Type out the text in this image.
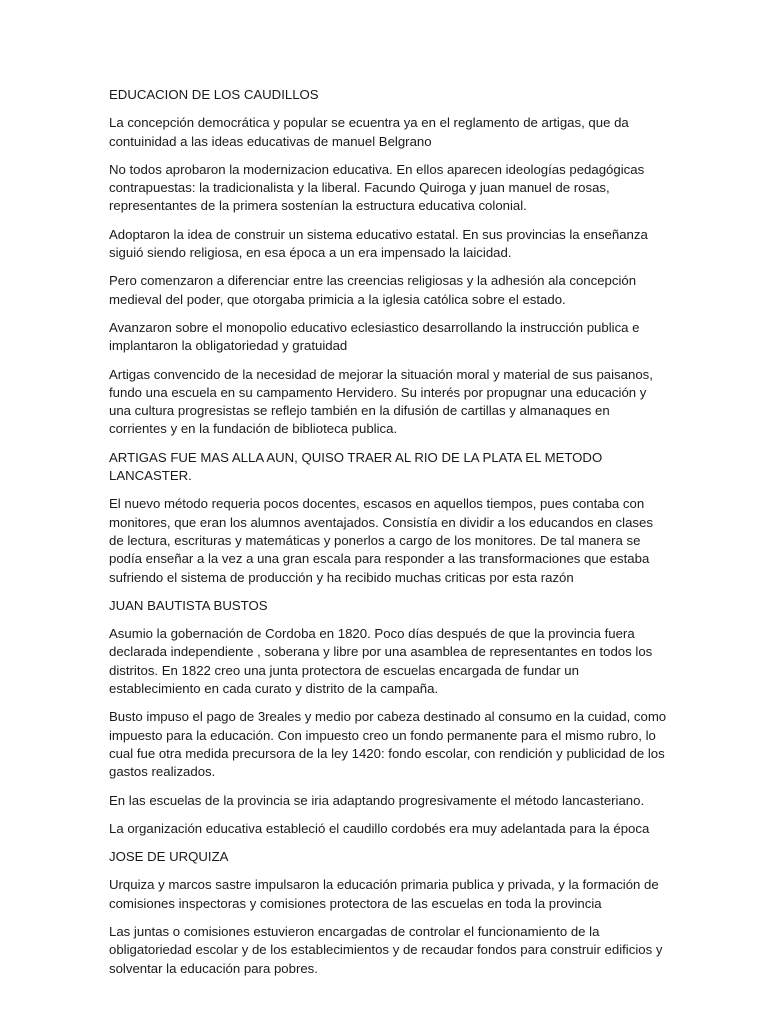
EDUCACION DE LOS CAUDILLOS

La concepción democrática y popular se ecuentra ya en el reglamento de artigas, que da contuinidad a las ideas educativas de manuel Belgrano

No todos aprobaron la modernizacion educativa. En ellos aparecen ideologías pedagógicas contrapuestas: la tradicionalista y la liberal. Facundo Quiroga y juan manuel de rosas, representantes de la primera sostenían la estructura educativa colonial.

Adoptaron la idea de construir un sistema educativo estatal. En sus provincias la enseñanza siguió siendo religiosa, en esa época a un era impensado la laicidad.

Pero comenzaron a diferenciar entre las creencias religiosas y la adhesión ala concepción medieval del poder, que otorgaba primicia a la iglesia católica sobre el estado.

Avanzaron sobre el monopolio educativo eclesiastico desarrollando la instrucción publica e implantaron la obligatoriedad y gratuidad

Artigas convencido de la necesidad de mejorar la situación moral y material de sus paisanos, fundo una escuela en su campamento Hervidero. Su interés por propugnar una educación y una cultura progresistas se reflejo también en la difusión de cartillas y almanaques en corrientes y en la fundación de biblioteca publica.

ARTIGAS FUE MAS ALLA AUN, QUISO TRAER AL RIO DE LA PLATA EL METODO LANCASTER.

El nuevo método requeria pocos docentes, escasos en aquellos tiempos, pues contaba con monitores, que eran los alumnos aventajados. Consistía en dividir a los educandos en clases de lectura, escrituras y matemáticas y ponerlos a cargo de los monitores. De tal manera se podía enseñar a la vez a una gran escala para responder a las transformaciones que estaba sufriendo el sistema de producción y ha recibido muchas criticas por esta razón

JUAN BAUTISTA BUSTOS

Asumio la gobernación de Cordoba en 1820. Poco días después de que la provincia fuera declarada independiente , soberana y libre por una asamblea de representantes en todos los distritos. En 1822 creo una junta protectora de escuelas encargada de fundar un establecimiento en cada curato y distrito de la campaña.

Busto impuso el pago de 3reales y medio por cabeza destinado al consumo en la cuidad, como impuesto para la educación. Con impuesto creo un fondo permanente para el mismo rubro, lo cual fue otra medida precursora de la ley 1420: fondo escolar, con rendición y publicidad de los gastos realizados.

En las escuelas de la provincia se iria adaptando progresivamente el método lancasteriano.

La organización educativa estableció el caudillo cordobés era muy adelantada para la época

JOSE DE URQUIZA

Urquiza y marcos sastre impulsaron la educación primaria publica y privada, y la formación de comisiones inspectoras y comisiones protectora de las escuelas en toda la provincia

Las juntas o comisiones estuvieron encargadas de controlar el funcionamiento de la obligatoriedad escolar y de los establecimientos y de recaudar fondos para construir edificios y solventar la educación para pobres.
